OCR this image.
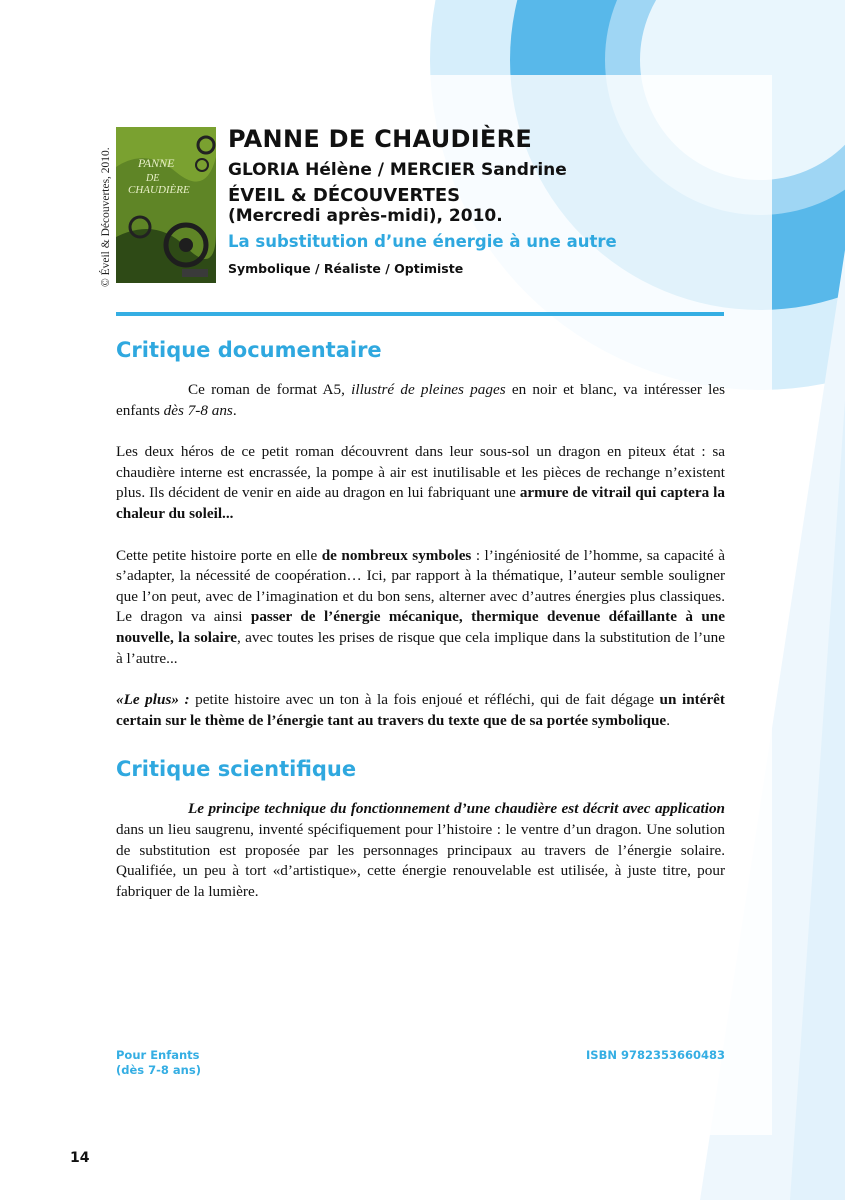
© Éveil & Découvertes, 2010. PANNE
DE
CHAUDIÈRE

PANNE DE CHAUDIÈRE

GLORIA Hélène / MERCIER Sandrine

ÉVEIL & DÉCOUVERTES

(Mercredi après-midi), 2010.

La substitution d’une énergie à une autre

Symbolique / Réaliste / Optimiste

Critique documentaire

Ce roman de format A5, illustré de pleines pages en noir et blanc, va intéresser les enfants dès 7-8 ans.

Les deux héros de ce petit roman découvrent dans leur sous-sol un dragon en piteux état : sa chaudière interne est encrassée, la pompe à air est inutilisable et les pièces de rechange n’existent plus. Ils décident de venir en aide au dragon en lui fabriquant une armure de vitrail qui captera la chaleur du soleil...

Cette petite histoire porte en elle de nombreux symboles : l’ingéniosité de l’homme, sa capacité à s’adapter, la nécessité de coopération… Ici, par rapport à la thématique, l’auteur semble souligner que l’on peut, avec de l’imagination et du bon sens, alterner avec d’autres énergies plus classiques. Le dragon va ainsi passer de l’énergie mécanique, thermique devenue défaillante à une nouvelle, la solaire, avec toutes les prises de risque que cela implique dans la substitution de l’une à l’autre...

«Le plus» : petite histoire avec un ton à la fois enjoué et réfléchi, qui de fait dégage un intérêt certain sur le thème de l’énergie tant au travers du texte que de sa portée symbolique.

Critique scientifique

Le principe technique du fonctionnement d’une chaudière est décrit avec application dans un lieu saugrenu, inventé spécifiquement pour l’histoire : le ventre d’un dragon. Une solution de substitution est proposée par les personnages principaux au travers de l’énergie solaire. Qualifiée, un peu à tort «d’artistique», cette énergie renouvelable est utilisée, à juste titre, pour fabriquer de la lumière.

Pour Enfants
(dès 7-8 ans)
ISBN 9782353660483
14
